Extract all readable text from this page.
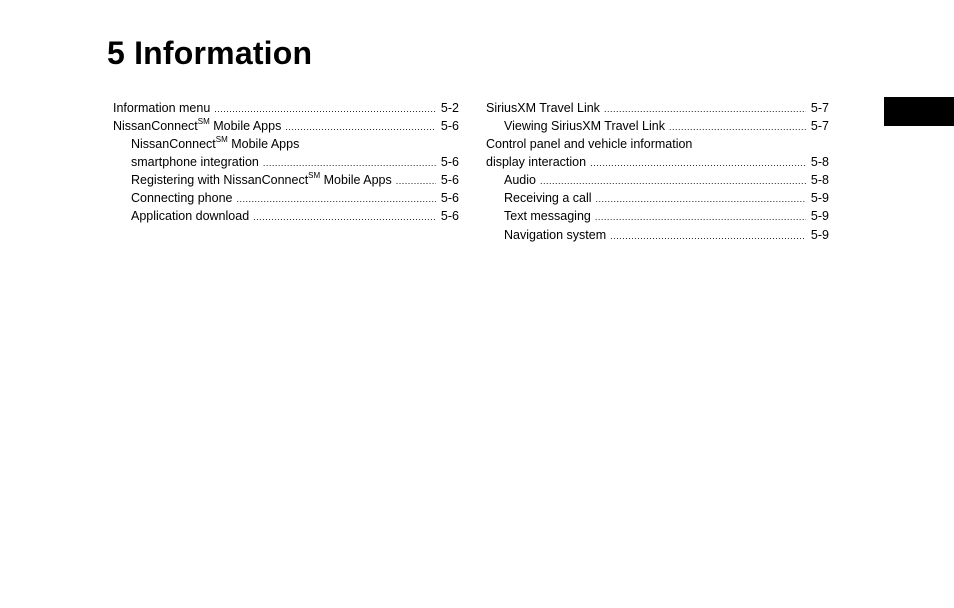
5 Information
Information menu .....	5-2
NissanConnect℠ Mobile Apps .....	5-6
NissanConnect℠ Mobile Apps
smartphone integration .....	5-6
Registering with NissanConnect℠ Mobile Apps .....	5-6
Connecting phone .....	5-6
Application download .....	5-6
SiriusXM Travel Link .....	5-7
Viewing SiriusXM Travel Link .....	5-7
Control panel and vehicle information
display interaction .....	5-8
Audio .....	5-8
Receiving a call .....	5-9
Text messaging .....	5-9
Navigation system .....	5-9
